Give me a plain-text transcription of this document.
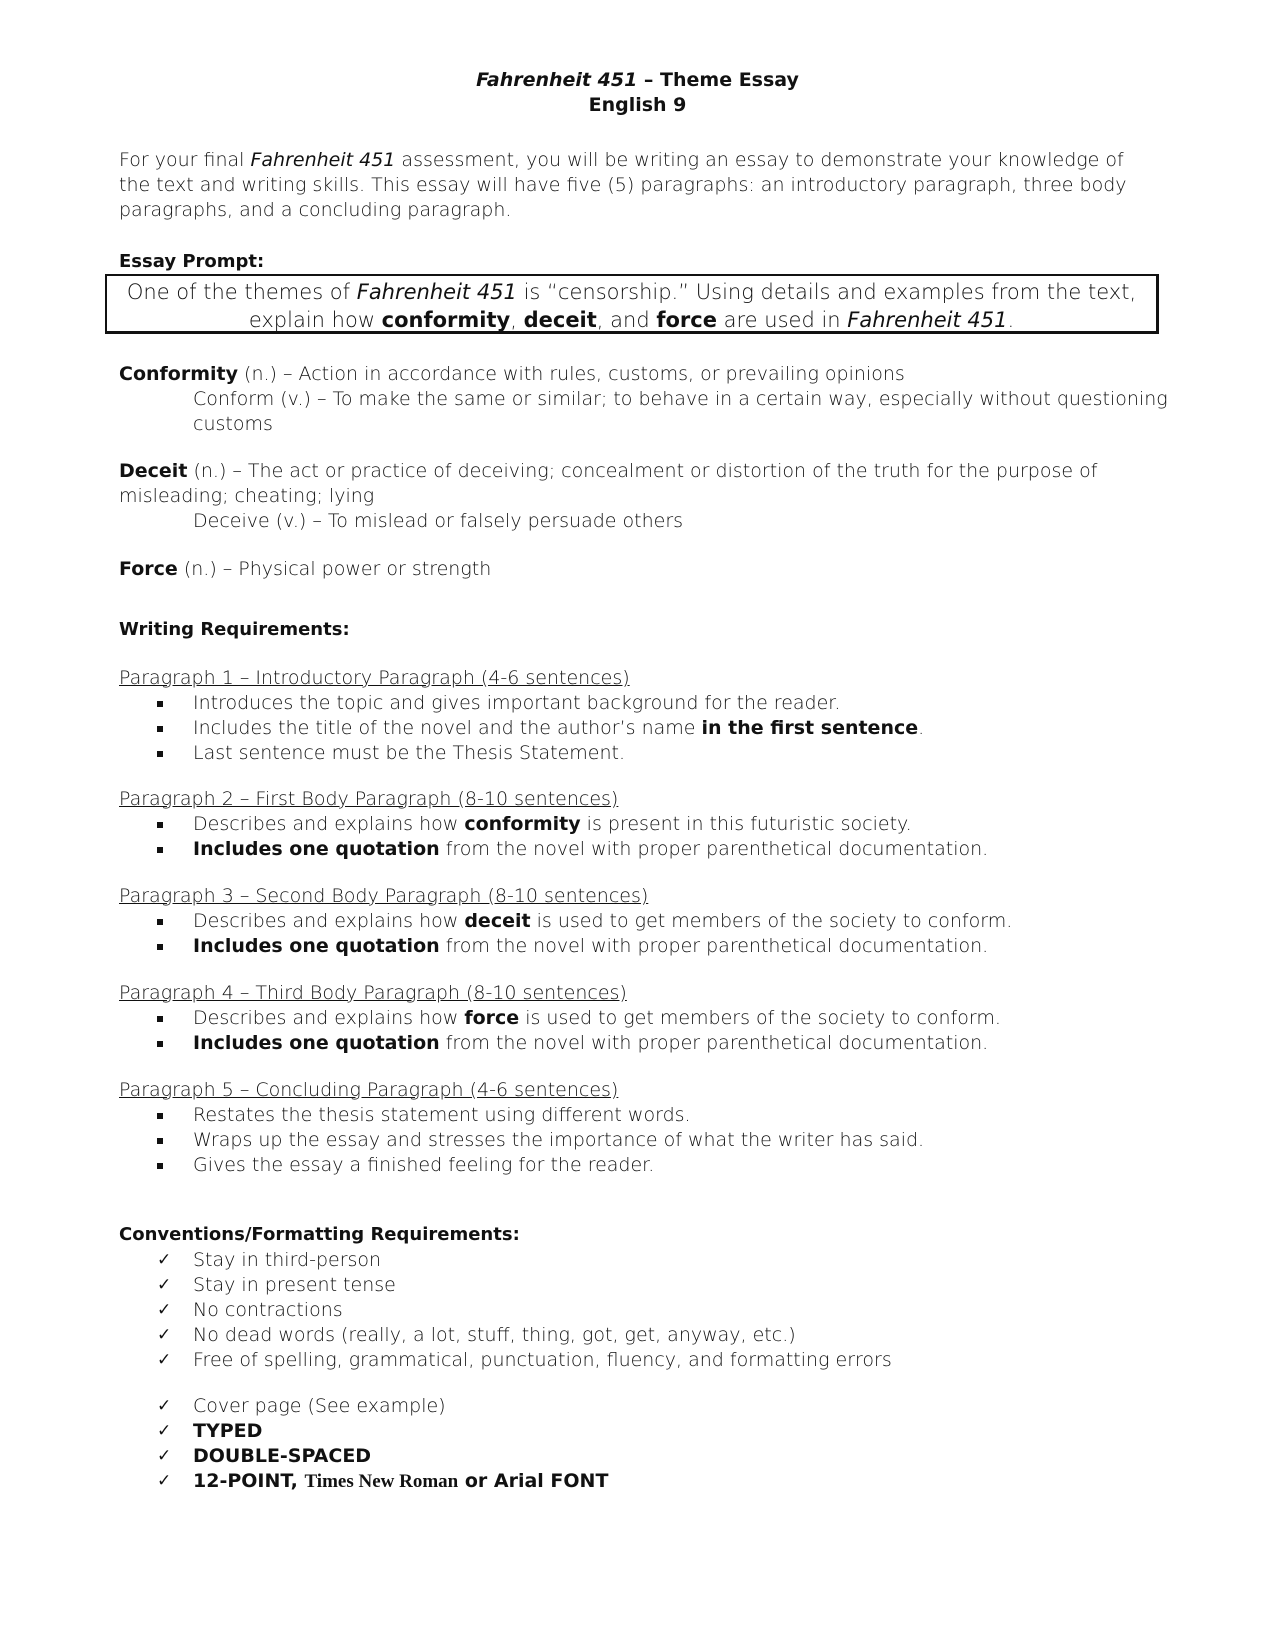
Fahrenheit 451 – Theme Essay
English 9
For your final Fahrenheit 451 assessment, you will be writing an essay to demonstrate your knowledge of the text and writing skills. This essay will have five (5) paragraphs: an introductory paragraph, three body paragraphs, and a concluding paragraph.
Essay Prompt:
One of the themes of Fahrenheit 451 is “censorship.” Using details and examples from the text, explain how conformity, deceit, and force are used in Fahrenheit 451.
Conformity (n.) – Action in accordance with rules, customs, or prevailing opinions
Conform (v.) – To make the same or similar; to behave in a certain way, especially without questioning customs
Deceit (n.) – The act or practice of deceiving; concealment or distortion of the truth for the purpose of misleading; cheating; lying
Deceive (v.) – To mislead or falsely persuade others
Force (n.) – Physical power or strength
Writing Requirements:
Paragraph 1 – Introductory Paragraph (4-6 sentences)
Introduces the topic and gives important background for the reader.
Includes the title of the novel and the author’s name in the first sentence.
Last sentence must be the Thesis Statement.
Paragraph 2 – First Body Paragraph (8-10 sentences)
Describes and explains how conformity is present in this futuristic society.
Includes one quotation from the novel with proper parenthetical documentation.
Paragraph 3 – Second Body Paragraph (8-10 sentences)
Describes and explains how deceit is used to get members of the society to conform.
Includes one quotation from the novel with proper parenthetical documentation.
Paragraph 4 – Third Body Paragraph (8-10 sentences)
Describes and explains how force is used to get members of the society to conform.
Includes one quotation from the novel with proper parenthetical documentation.
Paragraph 5 – Concluding Paragraph (4-6 sentences)
Restates the thesis statement using different words.
Wraps up the essay and stresses the importance of what the writer has said.
Gives the essay a finished feeling for the reader.
Conventions/Formatting Requirements:
✓ Stay in third-person
✓ Stay in present tense
✓ No contractions
✓ No dead words (really, a lot, stuff, thing, got, get, anyway, etc.)
✓ Free of spelling, grammatical, punctuation, fluency, and formatting errors
✓ Cover page (See example)
✓ TYPED
✓ DOUBLE-SPACED
✓ 12-POINT, Times New Roman or Arial FONT
